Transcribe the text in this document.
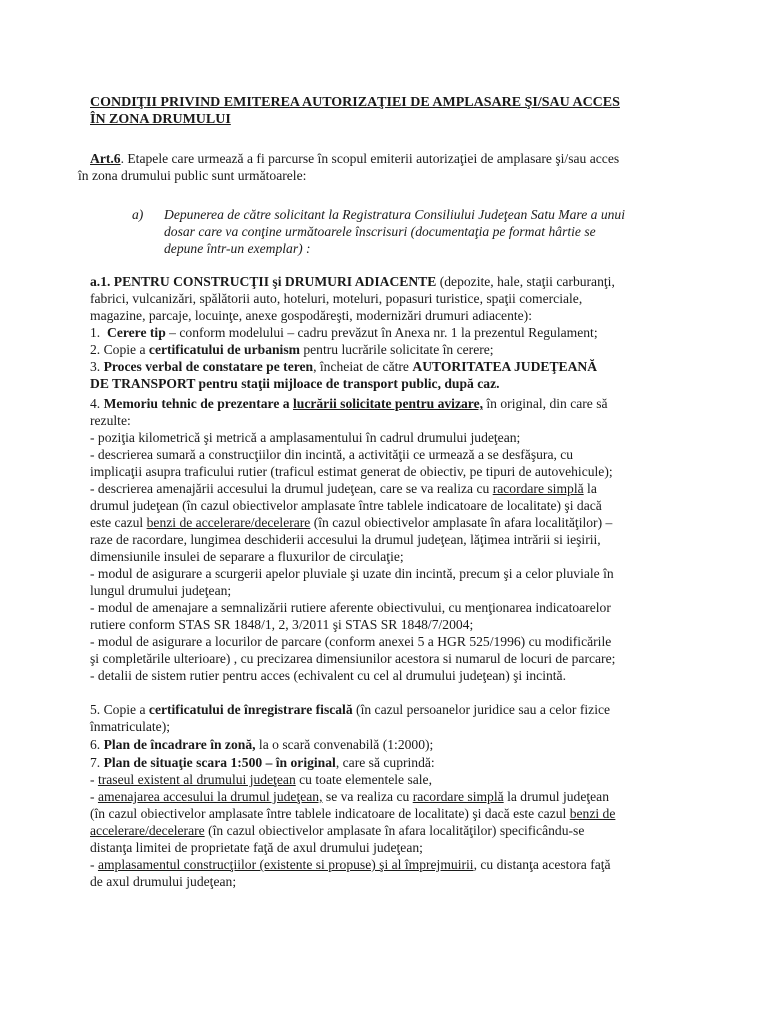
CONDIŢII PRIVIND EMITEREA AUTORIZAŢIEI DE AMPLASARE ŞI/SAU ACCES
ÎN ZONA DRUMULUI
Art.6. Etapele care urmează a fi parcurse în scopul emiterii autorizaţiei de amplasare şi/sau acces
în zona drumului public sunt următoarele:
a) Depunerea de către solicitant la Registratura Consiliului Judeţean Satu Mare a unui
dosar care va conţine următoarele înscrisuri (documentaţia pe format hârtie se
depune într-un exemplar) :
a.1. PENTRU CONSTRUCŢII şi DRUMURI ADIACENTE (depozite, hale, staţii carburanţi,
fabrici, vulcanizări, spălătorii auto, hoteluri, moteluri, popasuri turistice, spaţii comerciale,
magazine, parcaje, locuinţe, anexe gospodăreşti, modernizări drumuri adiacente):
1. Cerere tip – conform modelului – cadru prevăzut în Anexa nr. 1 la prezentul Regulament;
2. Copie a certificatului de urbanism pentru lucrările solicitate în cerere;
3. Proces verbal de constatare pe teren, încheiat de către AUTORITATEA JUDEŢEANĂ
DE TRANSPORT pentru staţii mijloace de transport public, după caz.
4. Memoriu tehnic de prezentare a lucrării solicitate pentru avizare, în original, din care să
rezulte:
- poziţia kilometrică şi metrică a amplasamentului în cadrul drumului judeţean;
- descrierea sumară a construcţiilor din incintă, a activităţii ce urmează a se desfăşura, cu
implicaţii asupra traficului rutier (traficul estimat generat de obiectiv, pe tipuri de autovehicule);
- descrierea amenajării accesului la drumul judeţean, care se va realiza cu racordare simplă la
drumul judeţean (în cazul obiectivelor amplasate între tablele indicatoare de localitate) şi dacă
este cazul benzi de accelerare/decelerare (în cazul obiectivelor amplasate în afara localităţilor) –
raze de racordare, lungimea deschiderii accesului la drumul judeţean, lăţimea intrării si ieşirii,
dimensiunile insulei de separare a fluxurilor de circulaţie;
- modul de asigurare a scurgerii apelor pluviale şi uzate din incintă, precum şi a celor pluviale în
lungul drumului judeţean;
- modul de amenajare a semnalizării rutiere aferente obiectivului, cu menţionarea indicatoarelor
rutiere conform STAS SR 1848/1, 2, 3/2011 şi STAS SR 1848/7/2004;
- modul de asigurare a locurilor de parcare (conform anexei 5 a HGR 525/1996) cu modificările
şi completările ulterioare) , cu precizarea dimensiunilor acestora si numarul de locuri de parcare;
- detalii de sistem rutier pentru acces (echivalent cu cel al drumului judeţean) şi incintă.
5. Copie a certificatului de înregistrare fiscală (în cazul persoanelor juridice sau a celor fizice
înmatriculate);
6. Plan de încadrare în zonă, la o scară convenabilă (1:2000);
7. Plan de situaţie scara 1:500 – în original, care să cuprindă:
- traseul existent al drumului judeţean cu toate elementele sale,
- amenajarea accesului la drumul judeţean, se va realiza cu racordare simplă la drumul judeţean
(în cazul obiectivelor amplasate între tablele indicatoare de localitate) şi dacă este cazul benzi de
accelerare/decelerare (în cazul obiectivelor amplasate în afara localităţilor) specificându-se
distanţa limitei de proprietate faţă de axul drumului judeţean;
- amplasamentul construcţiilor (existente si propuse) şi al împrejmuirii, cu distanţa acestora faţă
de axul drumului judeţean;
